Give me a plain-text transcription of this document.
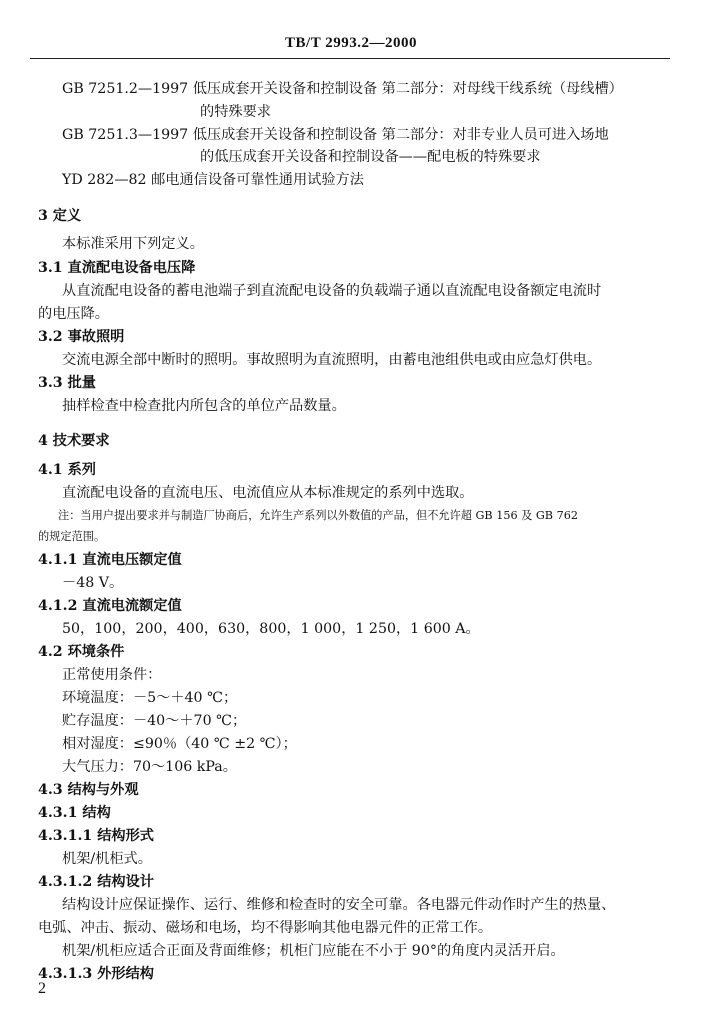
TB/T 2993.2—2000
GB 7251.2—1997 低压成套开关设备和控制设备 第二部分：对母线干线系统（母线槽）
的特殊要求
GB 7251.3—1997 低压成套开关设备和控制设备 第二部分：对非专业人员可进入场地
的低压成套开关设备和控制设备——配电板的特殊要求
YD 282—82 邮电通信设备可靠性通用试验方法
3 定义
本标准采用下列定义。
3.1 直流配电设备电压降
从直流配电设备的蓄电池端子到直流配电设备的负载端子通以直流配电设备额定电流时
的电压降。
3.2 事故照明
交流电源全部中断时的照明。事故照明为直流照明，由蓄电池组供电或由应急灯供电。
3.3 批量
抽样检查中检查批内所包含的单位产品数量。
4 技术要求
4.1 系列
直流配电设备的直流电压、电流值应从本标准规定的系列中选取。
注：当用户提出要求并与制造厂协商后，允许生产系列以外数值的产品，但不允许超 GB 156 及 GB 762
的规定范围。
4.1.1 直流电压额定值
－48 V。
4.1.2 直流电流额定值
50，100，200，400，630，800，1 000，1 250，1 600 A。
4.2 环境条件
正常使用条件：
环境温度：－5～＋40 ℃；
贮存温度：－40～＋70 ℃；
相对湿度：≤90％（40 ℃ ±2 ℃）；
大气压力：70～106 kPa。
4.3 结构与外观
4.3.1 结构
4.3.1.1 结构形式
机架/机柜式。
4.3.1.2 结构设计
结构设计应保证操作、运行、维修和检查时的安全可靠。各电器元件动作时产生的热量、
电弧、冲击、振动、磁场和电场，均不得影响其他电器元件的正常工作。
机架/机柜应适合正面及背面维修；机柜门应能在不小于 90°的角度内灵活开启。
4.3.1.3 外形结构
2
